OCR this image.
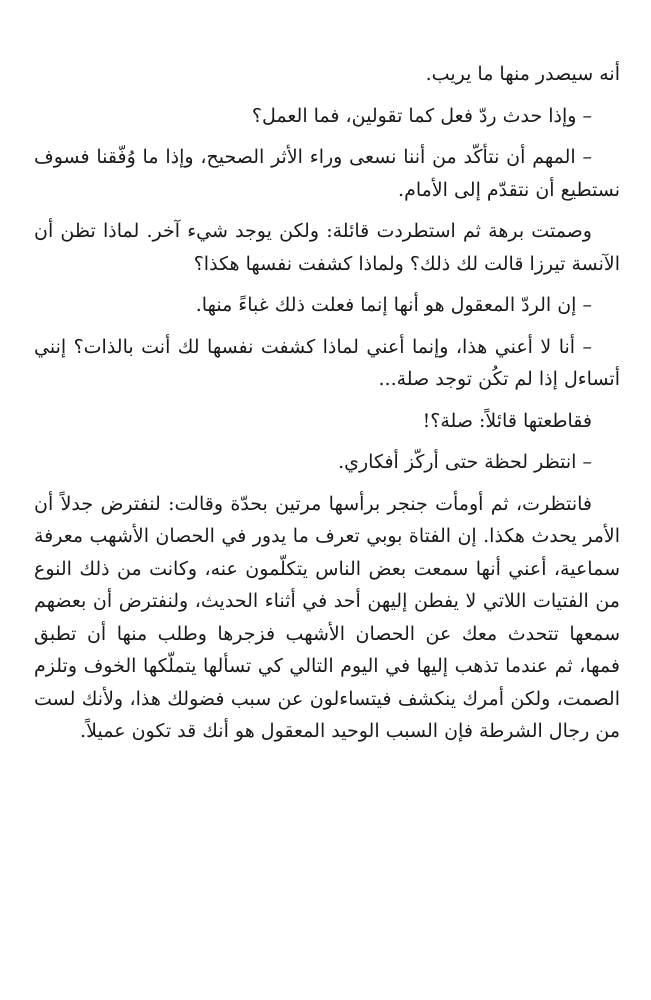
أنه سيصدر منها ما يريب.

– وإذا حدث ردّ فعل كما تقولين، فما العمل؟

– المهم أن نتأكّد من أننا نسعى وراء الأثر الصحيح، وإذا ما وُفّقنا فسوف نستطيع أن نتقدّم إلى الأمام.

وصمتت برهة ثم استطردت قائلة: ولكن يوجد شيء آخر. لماذا تظن أن الآنسة تيرزا قالت لك ذلك؟ ولماذا كشفت نفسها هكذا؟

– إن الردّ المعقول هو أنها إنما فعلت ذلك غباءً منها.

– أنا لا أعني هذا، وإنما أعني لماذا كشفت نفسها لك أنت بالذات؟ إنني أتساءل إذا لم تكُن توجد صلة...

فقاطعتها قائلاً: صلة؟!

– انتظر لحظة حتى أركّز أفكاري.

فانتظرت، ثم أومأت جنجر برأسها مرتين بحدّة وقالت: لنفترض جدلاً أن الأمر يحدث هكذا. إن الفتاة بوبي تعرف ما يدور في الحصان الأشهب معرفة سماعية، أعني أنها سمعت بعض الناس يتكلّمون عنه، وكانت من ذلك النوع من الفتيات اللاتي لا يفطن إليهن أحد في أثناء الحديث، ولنفترض أن بعضهم سمعها تتحدث معك عن الحصان الأشهب فزجرها وطلب منها أن تطبق فمها، ثم عندما تذهب إليها في اليوم التالي كي تسألها يتملّكها الخوف وتلزم الصمت، ولكن أمرك ينكشف فيتساءلون عن سبب فضولك هذا، ولأنك لست من رجال الشرطة فإن السبب الوحيد المعقول هو أنك قد تكون عميلاً.
